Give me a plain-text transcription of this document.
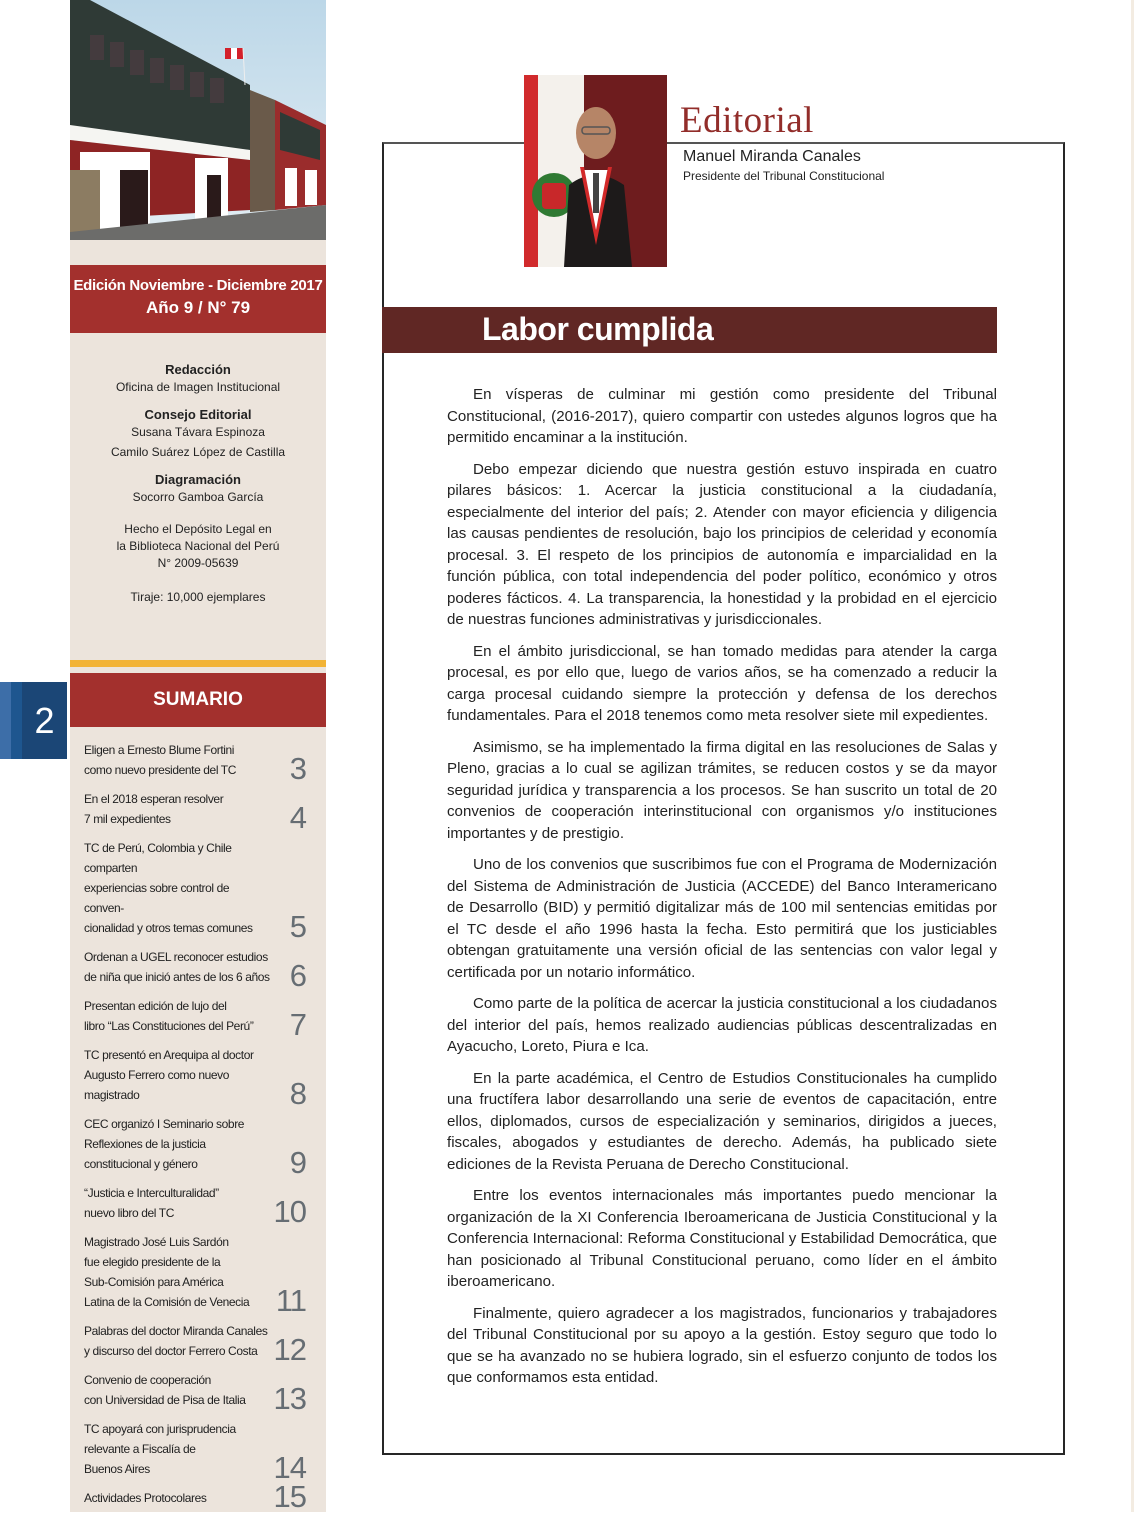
Edición Noviembre - Diciembre 2017
Año 9 / N° 79
Redacción
Oficina de Imagen Institucional
Consejo Editorial
Susana Távara Espinoza
Camilo Suárez López de Castilla
Diagramación
Socorro Gamboa García
Hecho el Depósito Legal en
la Biblioteca Nacional del Perú
N° 2009-05639
Tiraje: 10,000 ejemplares
SUMARIO
Eligen a Ernesto Blume Fortini
como nuevo presidente del TC	3
En el 2018 esperan resolver
7 mil expedientes	4
TC de Perú, Colombia y Chile comparten
experiencias sobre control de conven-
cionalidad y otros temas comunes	5
Ordenan a UGEL reconocer estudios
de niña que inició antes de los 6 años 6
Presentan edición de lujo del
libro “Las Constituciones del Perú”	7
TC presentó en Arequipa al doctor
Augusto Ferrero como nuevo magistrado	8
CEC organizó I Seminario sobre
Reflexiones de la justicia
constitucional y género	9
“Justicia e Interculturalidad”
nuevo libro del TC	10
Magistrado José Luis Sardón
fue elegido presidente de la
Sub-Comisión para América
Latina de la Comisión de Venecia 11
Palabras del doctor Miranda Canales
y discurso del doctor Ferrero Costa 12
Convenio de cooperación
con Universidad de Pisa de Italia 13
TC apoyará con jurisprudencia
relevante a Fiscalía de
Buenos Aires	14
Actividades Protocolares	15
2
Editorial
Manuel Miranda Canales
Presidente del Tribunal Constitucional
Labor cumplida

En vísperas de culminar mi gestión como presidente del Tribunal Constitucional, (2016-2017), quiero compartir con ustedes algunos logros que ha permitido encaminar a la institución.

Debo empezar diciendo que nuestra gestión estuvo inspirada en cuatro pilares básicos: 1. Acercar la justicia constitucional a la ciudadanía, especialmente del interior del país; 2. Atender con mayor eficiencia y diligencia las causas pendientes de resolución, bajo los principios de celeridad y economía procesal. 3. El respeto de los principios de autonomía e imparcialidad en la función pública, con total independencia del poder político, económico y otros poderes fácticos. 4. La transparencia, la honestidad y la probidad en el ejercicio de nuestras funciones administrativas y jurisdiccionales.

En el ámbito jurisdiccional, se han tomado medidas para atender la carga procesal, es por ello que, luego de varios años, se ha comenzado a reducir la carga procesal cuidando siempre la protección y defensa de los derechos fundamentales. Para el 2018 tenemos como meta resolver siete mil expedientes.

Asimismo, se ha implementado la firma digital en las resoluciones de Salas y Pleno, gracias a lo cual se agilizan trámites, se reducen costos y se da mayor seguridad jurídica y transparencia a los procesos. Se han suscrito un total de 20 convenios de cooperación interinstitucional con organismos y/o instituciones importantes y de prestigio.

Uno de los convenios que suscribimos fue con el Programa de Modernización del Sistema de Administración de Justicia (ACCEDE) del Banco Interamericano de Desarrollo (BID) y permitió digitalizar más de 100 mil sentencias emitidas por el TC desde el año 1996 hasta la fecha. Esto permitirá que los justiciables obtengan gratuitamente una versión oficial de las sentencias con valor legal y certificada por un notario informático.

Como parte de la política de acercar la justicia constitucional a los ciudadanos del interior del país, hemos realizado audiencias públicas descentralizadas en Ayacucho, Loreto, Piura e Ica.

En la parte académica, el Centro de Estudios Constitucionales ha cumplido una fructífera labor desarrollando una serie de eventos de capacitación, entre ellos, diplomados, cursos de especialización y seminarios, dirigidos a jueces, fiscales, abogados y estudiantes de derecho. Además, ha publicado siete ediciones de la Revista Peruana de Derecho Constitucional.

Entre los eventos internacionales más importantes puedo mencionar la organización de la XI Conferencia Iberoamericana de Justicia Constitucional y la Conferencia Internacional: Reforma Constitucional y Estabilidad Democrática, que han posicionado al Tribunal Constitucional peruano, como líder en el ámbito iberoamericano.

Finalmente, quiero agradecer a los magistrados, funcionarios y trabajadores del Tribunal Constitucional por su apoyo a la gestión. Estoy seguro que todo lo que se ha avanzado no se hubiera logrado, sin el esfuerzo conjunto de todos los que conformamos esta entidad.
